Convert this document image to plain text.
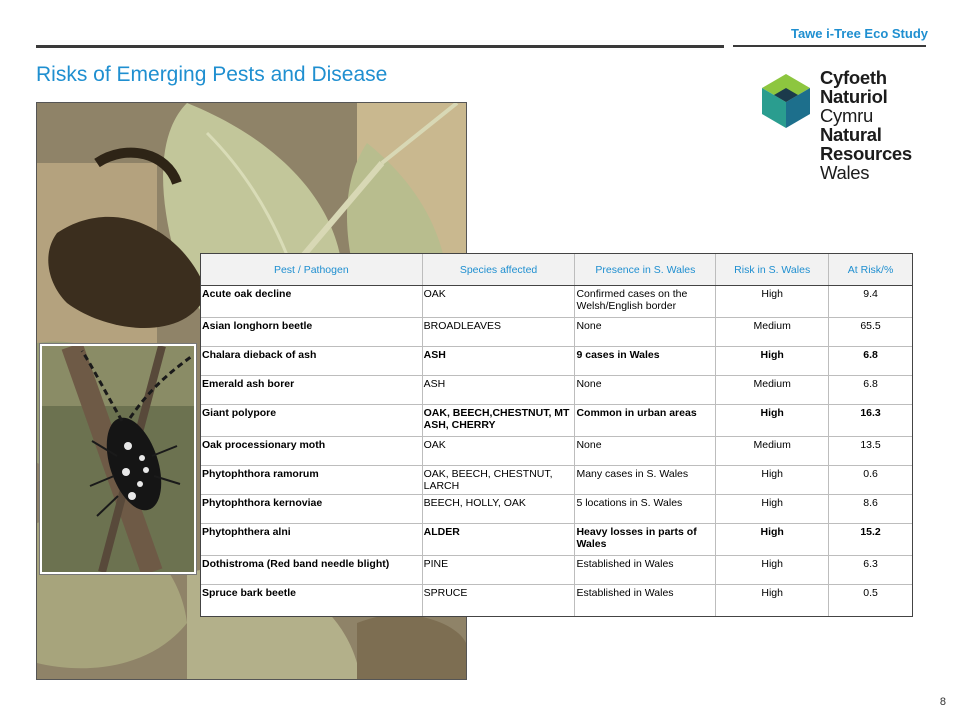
Tawe i-Tree Eco Study
Risks of Emerging Pests and Disease	Cyfoeth
Naturiol
Cymru
Natural
Resources
Wales
Pest / Pathogen	Species affected	Presence in S. Wales	Risk in S. Wales	At Risk/%
Acute oak decline	OAK	Confirmed cases on the Welsh/English border	High	9.4
Asian longhorn beetle	BROADLEAVES	None	Medium	65.5
Chalara dieback of ash	ASH	9 cases in Wales	High	6.8
Emerald ash borer	ASH	None	Medium	6.8
Giant polypore	OAK, BEECH,CHESTNUT, MT ASH, CHERRY	Common in urban areas	High	16.3
Oak processionary moth	OAK	None	Medium	13.5
Phytophthora ramorum	OAK, BEECH, CHESTNUT, LARCH	Many cases in S. Wales	High	0.6
Phytophthora kernoviae	BEECH, HOLLY, OAK	5 locations in S. Wales	High	8.6
Phytophthera alni	ALDER	Heavy losses in parts of Wales	High	15.2
Dothistroma (Red band needle blight)	PINE	Established in Wales	High	6.3
Spruce bark beetle	SPRUCE	Established in Wales	High	0.5
8
